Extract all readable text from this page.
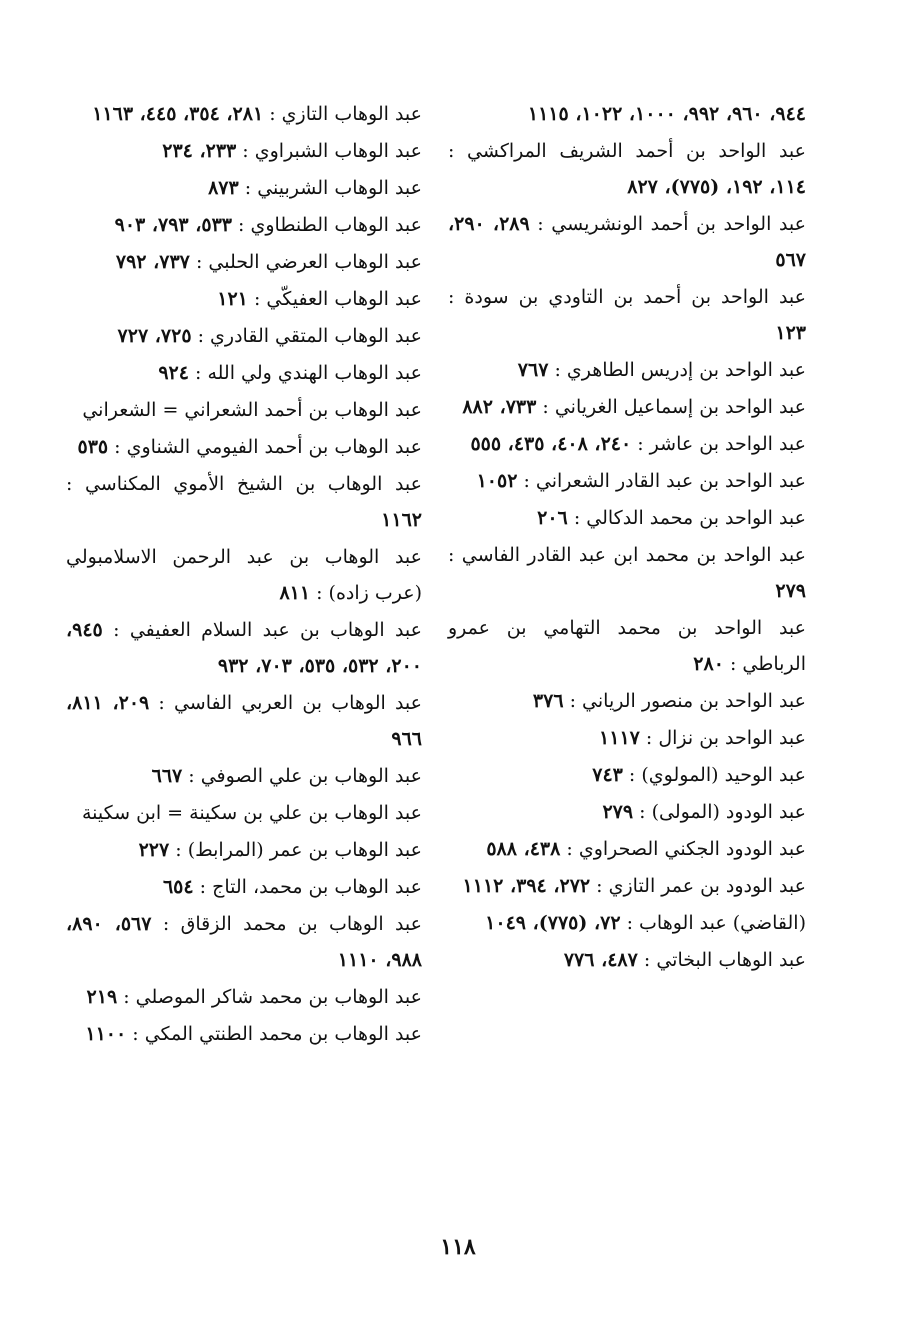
٩٤٤، ٩٦٠، ٩٩٢، ١٠٠٠، ١٠٢٢، ١١١٥
عبد الواحد بن أحمد الشريف المراكشي : ١١٤، ١٩٢، (٧٧٥)، ٨٢٧
عبد الواحد بن أحمد الونشريسي : ٢٨٩، ٢٩٠، ٥٦٧
عبد الواحد بن أحمد بن التاودي بن سودة : ١٢٣
عبد الواحد بن إدريس الطاهري : ٧٦٧
عبد الواحد بن إسماعيل الغرياني : ٧٣٣، ٨٨٢
عبد الواحد بن عاشر : ٢٤٠، ٤٠٨، ٤٣٥، ٥٥٥
عبد الواحد بن عبد القادر الشعراني : ١٠٥٢
عبد الواحد بن محمد الدكالي : ٢٠٦
عبد الواحد بن محمد ابن عبد القادر الفاسي : ٢٧٩
عبد الواحد بن محمد التهامي بن عمرو الرباطي : ٢٨٠
عبد الواحد بن منصور الرياني : ٣٧٦
عبد الواحد بن نزال : ١١١٧
عبد الوحيد (المولوي) : ٧٤٣
عبد الودود (المولى) : ٢٧٩
عبد الودود الجكني الصحراوي : ٤٣٨، ٥٨٨
عبد الودود بن عمر التازي : ٢٧٢، ٣٩٤، ١١١٢
(القاضي) عبد الوهاب : ٧٢، (٧٧٥)، ١٠٤٩
عبد الوهاب البخاتي : ٤٨٧، ٧٧٦
عبد الوهاب التازي : ٢٨١، ٣٥٤، ٤٤٥، ١١٦٣
عبد الوهاب الشبراوي : ٢٣٣، ٢٣٤
عبد الوهاب الشربيني : ٨٧٣
عبد الوهاب الطنطاوي : ٥٣٣، ٧٩٣، ٩٠٣
عبد الوهاب العرضي الحلبي : ٧٣٧، ٧٩٢
عبد الوهاب العفيكّي : ١٢١
عبد الوهاب المتقي القادري : ٧٢٥، ٧٢٧
عبد الوهاب الهندي ولي الله : ٩٢٤
عبد الوهاب بن أحمد الشعراني = الشعراني
عبد الوهاب بن أحمد الفيومي الشناوي : ٥٣٥
عبد الوهاب بن الشيخ الأموي المكناسي : ١١٦٢
عبد الوهاب بن عبد الرحمن الاسلامبولي (عرب زاده) : ٨١١
عبد الوهاب بن عبد السلام العفيفي : ٩٤٥، ٢٠٠، ٥٣٢، ٥٣٥، ٧٠٣، ٩٣٢
عبد الوهاب بن العربي الفاسي : ٢٠٩، ٨١١، ٩٦٦
عبد الوهاب بن علي الصوفي : ٦٦٧
عبد الوهاب بن علي بن سكينة = ابن سكينة
عبد الوهاب بن عمر (المرابط) : ٢٢٧
عبد الوهاب بن محمد، التاج : ٦٥٤
عبد الوهاب بن محمد الزقاق : ٥٦٧، ٨٩٠، ٩٨٨، ١١١٠
عبد الوهاب بن محمد شاكر الموصلي : ٢١٩
عبد الوهاب بن محمد الطنتي المكي : ١١٠٠
١١٨
